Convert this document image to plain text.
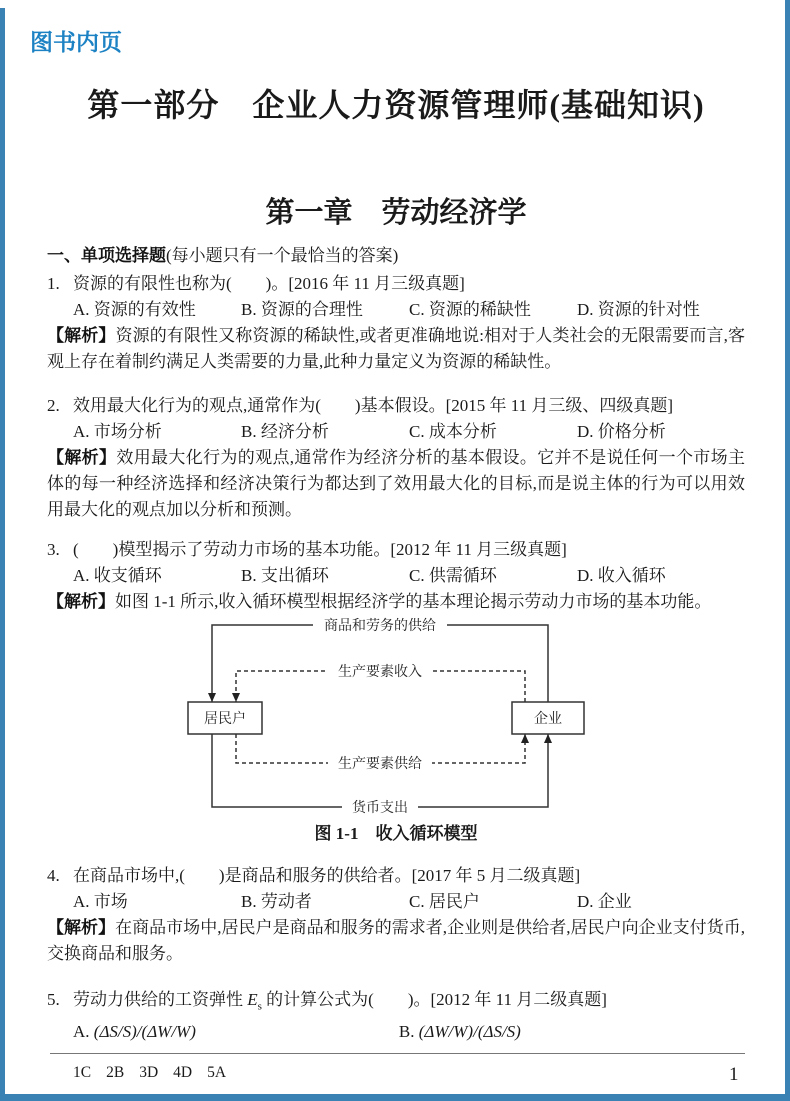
图书内页
第一部分　企业人力资源管理师(基础知识)
第一章　劳动经济学
一、单项选择题(每小题只有一个最恰当的答案)

1. 资源的有限性也称为(　　)。[2016 年 11 月三级真题]

A. 资源的有效性	B. 资源的合理性	C. 资源的稀缺性	D. 资源的针对性

【解析】资源的有限性又称资源的稀缺性,或者更准确地说:相对于人类社会的无限需要而言,客观上存在着制约满足人类需要的力量,此种力量定义为资源的稀缺性。

2. 效用最大化行为的观点,通常作为(　　)基本假设。[2015 年 11 月三级、四级真题]

A. 市场分析	B. 经济分析	C. 成本分析	D. 价格分析

【解析】效用最大化行为的观点,通常作为经济分析的基本假设。它并不是说任何一个市场主体的每一种经济选择和经济决策行为都达到了效用最大化的目标,而是说主体的行为可以用效用最大化的观点加以分析和预测。

3. (　　)模型揭示了劳动力市场的基本功能。[2012 年 11 月三级真题]

A. 收支循环	B. 支出循环	C. 供需循环	D. 收入循环

【解析】如图 1-1 所示,收入循环模型根据经济学的基本理论揭示劳动力市场的基本功能。

商品和劳务的供给
生产要素收入
生产要素供给
货币支出
居民户	企业
图 1-1　收入循环模型

4. 在商品市场中,(　　)是商品和服务的供给者。[2017 年 5 月二级真题]

A. 市场	B. 劳动者	C. 居民户	D. 企业

【解析】在商品市场中,居民户是商品和服务的需求者,企业则是供给者,居民户向企业支付货币,交换商品和服务。

5. 劳动力供给的工资弹性 $E_s$ 的计算公式为(　　)。[2012 年 11 月二级真题]

A. (ΔS/S)/(ΔW/W)	B. (ΔW/W)/(ΔS/S)
1C 2B 3D 4D 5A	1
